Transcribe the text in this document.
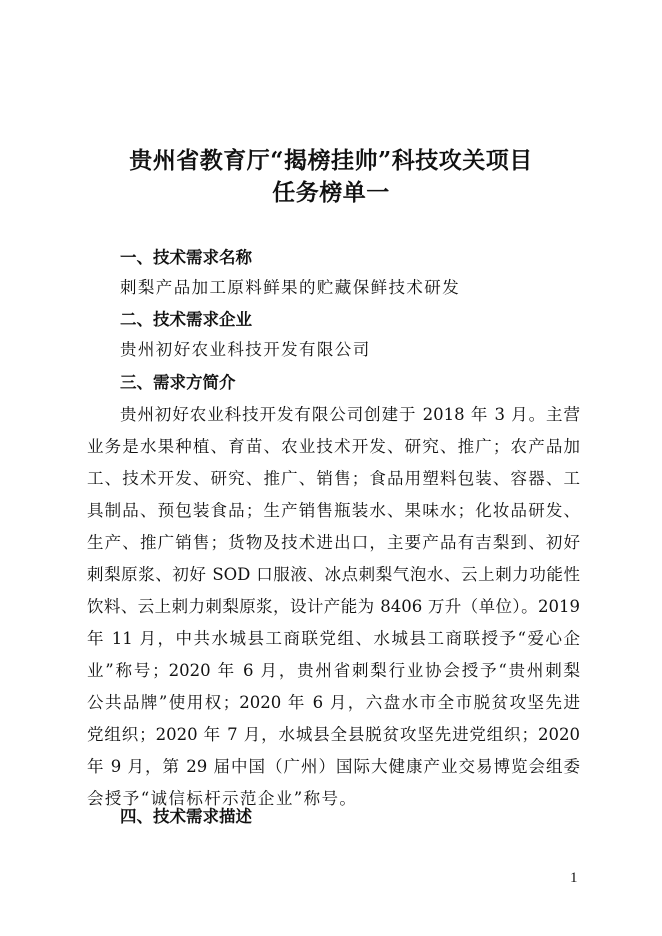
贵州省教育厅“揭榜挂帅”科技攻关项目
任务榜单一
一、技术需求名称
刺梨产品加工原料鲜果的贮藏保鲜技术研发
二、技术需求企业
贵州初好农业科技开发有限公司
三、需求方简介
贵州初好农业科技开发有限公司创建于 2018 年 3 月。主营
业务是水果种植、育苗、农业技术开发、研究、推广；农产品加
工、技术开发、研究、推广、销售；食品用塑料包装、容器、工
具制品、预包装食品；生产销售瓶装水、果味水；化妆品研发、
生产、推广销售；货物及技术进出口，主要产品有吉梨到、初好
刺梨原浆、初好 SOD 口服液、冰点刺梨气泡水、云上刺力功能性
饮料、云上刺力刺梨原浆，设计产能为 8406 万升（单位）。2019
年 11 月，中共水城县工商联党组、水城县工商联授予“爱心企
业”称号；2020 年 6 月，贵州省刺梨行业协会授予“贵州刺梨
公共品牌”使用权；2020 年 6 月，六盘水市全市脱贫攻坚先进
党组织；2020 年 7 月，水城县全县脱贫攻坚先进党组织；2020
年 9 月，第 29 届中国（广州）国际大健康产业交易博览会组委
会授予“诚信标杆示范企业”称号。
四、技术需求描述
1
